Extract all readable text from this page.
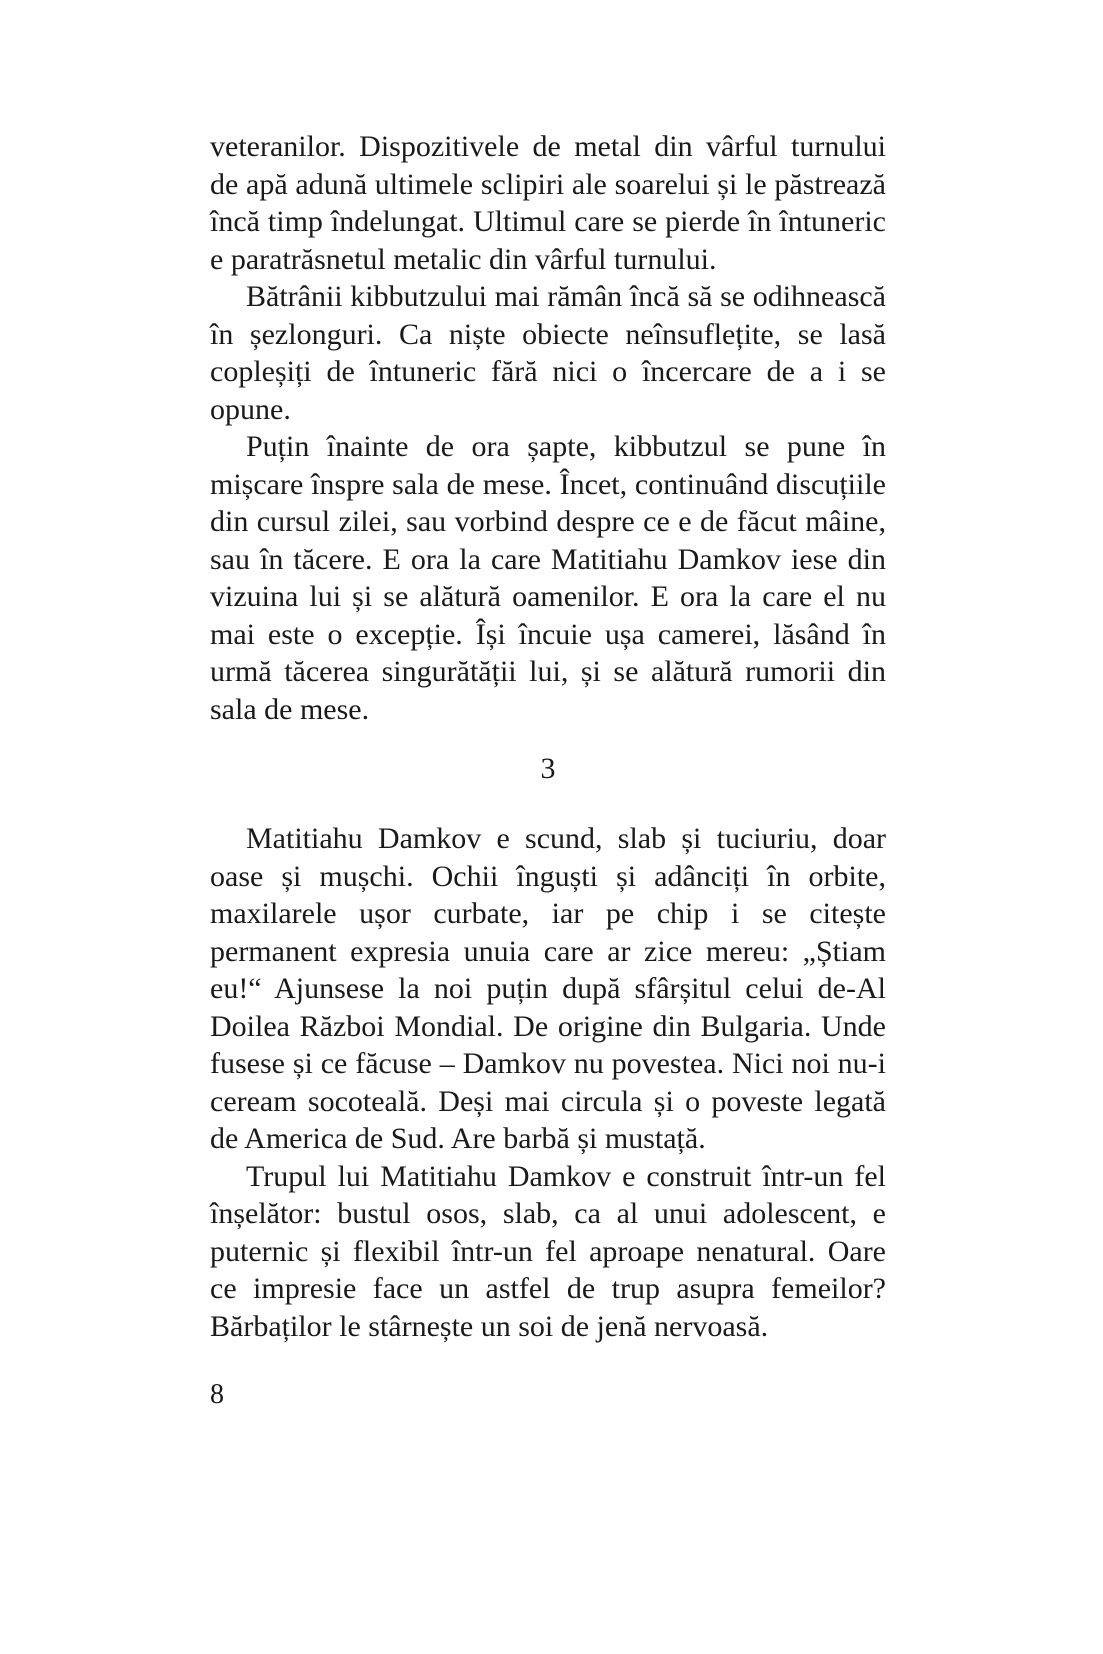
veteranilor. Dispozitivele de metal din vârful turnului de apă adună ultimele sclipiri ale soarelui și le păstrează încă timp îndelungat. Ultimul care se pierde în întuneric e paratrăsnetul metalic din vârful turnului.

Bătrânii kibbutzului mai rămân încă să se odihnească în șezlonguri. Ca niște obiecte neînsuflețite, se lasă copleșiți de întuneric fără nici o încercare de a i se opune.

Puțin înainte de ora șapte, kibbutzul se pune în mișcare înspre sala de mese. Încet, continuând discuțiile din cursul zilei, sau vorbind despre ce e de făcut mâine, sau în tăcere. E ora la care Matitiahu Damkov iese din vizuina lui și se alătură oamenilor. E ora la care el nu mai este o excepție. Își încuie ușa camerei, lăsând în urmă tăcerea singurătății lui, și se alătură rumorii din sala de mese.

3

Matitiahu Damkov e scund, slab și tuciuriu, doar oase și mușchi. Ochii înguști și adânciți în orbite, maxilarele ușor curbate, iar pe chip i se citește permanent expresia unuia care ar zice mereu: „Știam eu!“ Ajunsese la noi puțin după sfârșitul celui de-Al Doilea Război Mondial. De origine din Bulgaria. Unde fusese și ce făcuse – Damkov nu povestea. Nici noi nu-i ceream socoteală. Deși mai circula și o poveste legată de America de Sud. Are barbă și mustață.

Trupul lui Matitiahu Damkov e construit într-un fel înșelător: bustul osos, slab, ca al unui adolescent, e puternic și flexibil într-un fel aproape nenatural. Oare ce impresie face un astfel de trup asupra femeilor? Bărbaților le stârnește un soi de jenă nervoasă.

8
